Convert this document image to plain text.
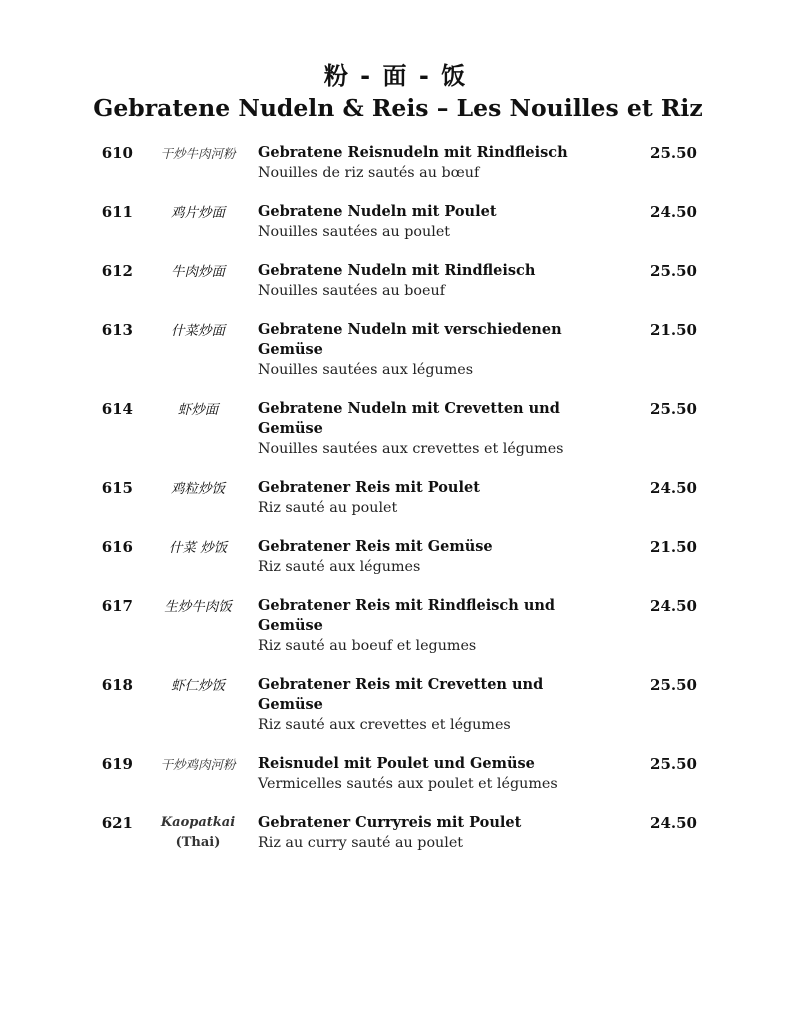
粉 - 面 - 饭
Gebratene Nudeln & Reis – Les Nouilles et Riz
610	干炒牛肉河粉	Gebratene Reisnudeln mit Rindfleisch
Nouilles de riz sautés au bœuf
25.50
611	鸡片炒面	Gebratene Nudeln mit Poulet
Nouilles sautées au poulet
24.50
612	牛肉炒面	Gebratene Nudeln mit Rindfleisch
Nouilles sautées au boeuf
25.50
613	什菜炒面	Gebratene Nudeln mit verschiedenen Gemüse
Nouilles sautées aux légumes
21.50
614	虾炒面	Gebratene Nudeln mit Crevetten und Gemüse
Nouilles sautées aux crevettes et légumes
25.50
615	鸡粒炒饭	Gebratener Reis mit Poulet
Riz sauté au poulet
24.50
616	什菜 炒饭	Gebratener Reis mit Gemüse
Riz sauté aux légumes
21.50
617	生炒牛肉饭	Gebratener Reis mit Rindfleisch und Gemüse
Riz sauté au boeuf et legumes
24.50
618	虾仁炒饭	Gebratener Reis mit Crevetten und Gemüse
Riz sauté aux crevettes et légumes
25.50
619	干炒鸡肉河粉	Reisnudel mit Poulet und Gemüse
Vermicelles sautés aux poulet et légumes
25.50
621	Kaopatkai
(Thai)
Gebratener Curryreis mit Poulet
Riz au curry sauté au poulet
24.50
